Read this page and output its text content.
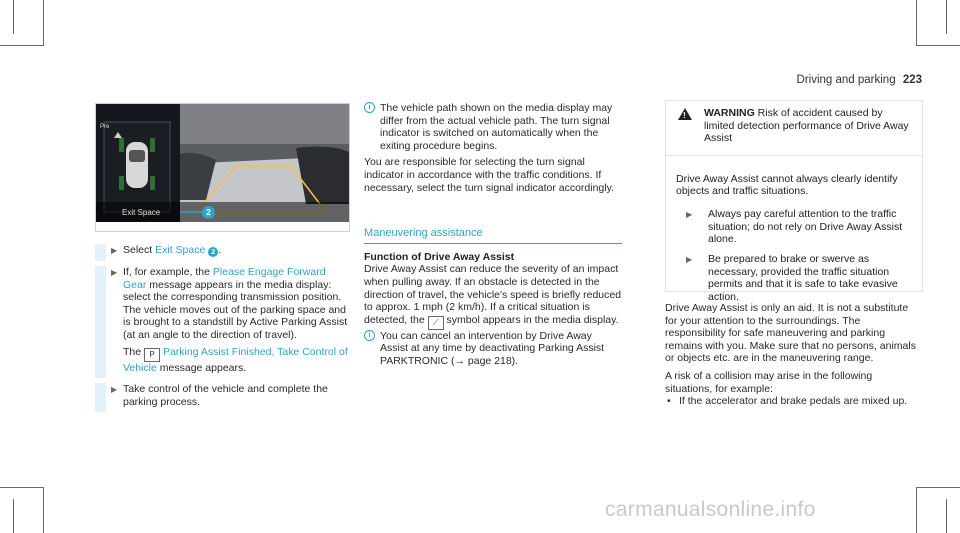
Driving and parking 223
Pre
Exit Space	2
▶ Select Exit Space 2 .
▶ If, for example, the Please Engage Forward Gear message appears in the media display: select the corresponding transmission position.

The vehicle moves out of the parking space and is brought to a standstill by Active Parking Assist (at an angle to the direction of travel).

The P Parking Assist Finished, Take Control of Vehicle message appears.

▶ Take control of the vehicle and complete the parking process.
i The vehicle path shown on the media display may differ from the actual vehicle path. The turn signal indicator is switched on automatically when the exiting procedure begins.

You are responsible for selecting the turn signal indicator in accordance with the traffic conditions. If necessary, select the turn signal indicator accordingly.

Maneuvering assistance

Function of Drive Away Assist

Drive Away Assist can reduce the severity of an impact when pulling away. If an obstacle is detected in the direction of travel, the vehicle's speed is briefly reduced to approx. 1 mph (2 km/h). If a critical situation is detected, the ⟋ symbol appears in the media display.

i You can cancel an intervention by Drive Away Assist at any time by deactivating Parking Assist PARKTRONIC (→ page 218).

! WARNING Risk of accident caused by limited detection performance of Drive Away Assist

Drive Away Assist cannot always clearly identify objects and traffic situations.

▶ Always pay careful attention to the traffic situation; do not rely on Drive Away Assist alone.
▶ Be prepared to brake or swerve as necessary, provided the traffic situation permits and that it is safe to take evasive action.

Drive Away Assist is only an aid. It is not a substitute for your attention to the surroundings. The responsibility for safe maneuvering and parking remains with you. Make sure that no persons, animals or objects etc. are in the maneuvering range.

A risk of a collision may arise in the following situations, for example:

• If the accelerator and brake pedals are mixed up.
carmanualsonline.info
